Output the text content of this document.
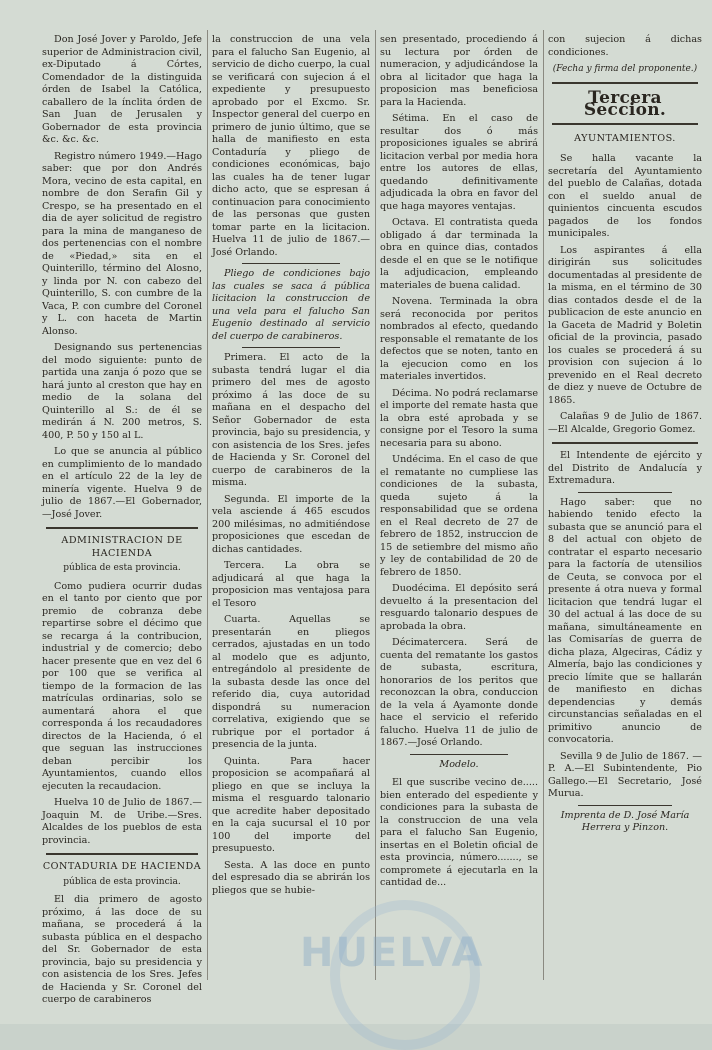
Don José Jover y Paroldo, Jefe superior de Administracion civil, ex-Diputado á Córtes, Comendador de la distinguida órden de Isabel la Católica, caballero de la ínclita órden de San Juan de Jerusalen y Gobernador de esta provincia &c. &c. &c.

Registro número 1949.—Hago saber: que por don Andrés Mora, vecino de esta capital, en nombre de don Serafin Gil y Crespo, se ha presentado en el dia de ayer solicitud de registro para la mina de manganeso de dos pertenencias con el nombre de «Piedad,» sita en el Quinterillo, término del Alosno, y linda por N. con cabezo del Quinterillo, S. con cumbre de la Vaca, P. con cumbre del Coronel y L. con haceta de Martin Alonso.

Designando sus pertenencias del modo siguiente: punto de partida una zanja ó pozo que se hará junto al creston que hay en medio de la solana del Quinterillo al S.: de él se medirán á N. 200 metros, S. 400, P. 50 y 150 al L.

Lo que se anuncia al público en cumplimiento de lo mandado en el artículo 22 de la ley de minería vigente. Huelva 9 de julio de 1867.—El Gobernador, —José Jover.

ADMINISTRACION DE HACIENDA
pública de esta provincia.

Como pudiera ocurrir dudas en el tanto por ciento que por premio de cobranza debe repartirse sobre el décimo que se recarga á la contribucion, industrial y de comercio; debo hacer presente que en vez del 6 por 100 que se verifica al tiempo de la formacion de las matrículas ordinarias, solo se aumentará ahora el que corresponda á los recaudadores directos de la Hacienda, ó el que seguan las instrucciones deban percibir los Ayuntamientos, cuando ellos ejecuten la recaudacion.

Huelva 10 de Julio de 1867.—Joaquin M. de Uribe.—Sres. Alcaldes de los pueblos de esta provincia.

CONTADURIA DE HACIENDA
pública de esta provincia.

El dia primero de agosto próximo, á las doce de su mañana, se procederá á la subasta pública en el despacho del Sr. Gobernador de esta provincia, bajo su presidencia y con asistencia de los Sres. Jefes de Hacienda y Sr. Coronel del cuerpo de carabineros

la construccion de una vela para el falucho San Eugenio, al servicio de dicho cuerpo, la cual se verificará con sujecion á el expediente y presupuesto aprobado por el Excmo. Sr. Inspector general del cuerpo en primero de junio último, que se halla de manifiesto en esta Contaduría y pliego de condiciones económicas, bajo las cuales ha de tener lugar dicho acto, que se espresan á continuacion para conocimiento de las personas que gusten tomar parte en la licitacion. Huelva 11 de julio de 1867.—José Orlando.

Pliego de condiciones bajo las cuales se saca á pública licitacion la construccion de una vela para el falucho San Eugenio destinado al servicio del cuerpo de carabineros.

Primera. El acto de la subasta tendrá lugar el dia primero del mes de agosto próximo á las doce de su mañana en el despacho del Señor Gobernador de esta provincia, bajo su presidencia, y con asistencia de los Sres. jefes de Hacienda y Sr. Coronel del cuerpo de carabineros de la misma.

Segunda. El importe de la vela asciende á 465 escudos 200 milésimas, no admitiéndose proposiciones que escedan de dichas cantidades.

Tercera. La obra se adjudicará al que haga la proposicion mas ventajosa para el Tesoro

Cuarta. Aquellas se presentarán en pliegos cerrados, ajustadas en un todo al modelo que es adjunto, entregándolo al presidente de la subasta desde las once del referido dia, cuya autoridad dispondrá su numeracion correlativa, exigiendo que se rubrique por el portador á presencia de la junta.

Quinta. Para hacer proposicion se acompañará al pliego en que se incluya la misma el resguardo talonario que acredite haber depositado en la caja sucursal el 10 por 100 del importe del presupuesto.

Sesta. A las doce en punto del espresado dia se abrirán los pliegos que se hubie-

sen presentado, procediendo á su lectura por órden de numeracion, y adjudicándose la obra al licitador que haga la proposicion mas beneficiosa para la Hacienda.

Sétima. En el caso de resultar dos ó más proposiciones iguales se abrirá licitacion verbal por media hora entre los autores de ellas, quedando definitivamente adjudicada la obra en favor del que haga mayores ventajas.

Octava. El contratista queda obligado á dar terminada la obra en quince dias, contados desde el en que se le notifique la adjudicacion, empleando materiales de buena calidad.

Novena. Terminada la obra será reconocida por peritos nombrados al efecto, quedando responsable el rematante de los defectos que se noten, tanto en la ejecucion como en los materiales invertidos.

Décima. No podrá reclamarse el importe del remate hasta que la obra esté aprobada y se consigne por el Tesoro la suma necesaria para su abono.

Undécima. En el caso de que el rematante no cumpliese las condiciones de la subasta, queda sujeto á la responsabilidad que se ordena en el Real decreto de 27 de febrero de 1852, instruccion de 15 de setiembre del mismo año y ley de contabilidad de 20 de febrero de 1850.

Duodécima. El depósito será devuelto á la presentacion del resguardo talonario despues de aprobada la obra.

Décimatercera. Será de cuenta del rematante los gastos de subasta, escritura, honorarios de los peritos que reconozcan la obra, conduccion de la vela á Ayamonte donde hace el servicio el referido falucho. Huelva 11 de julio de 1867.—José Orlando.

Modelo.

El que suscribe vecino de..... bien enterado del espediente y condiciones para la subasta de la construccion de una vela para el falucho San Eugenio, insertas en el Boletin oficial de esta provincia, número......., se compromete á ejecutarla en la cantidad de...

con sujecion á dichas condiciones.

(Fecha y firma del proponente.)
Tercera Seccion.
AYUNTAMIENTOS.

Se halla vacante la secretaría del Ayuntamiento del pueblo de Calañas, dotada con el sueldo anual de quinientos cincuenta escudos pagados de los fondos municipales.

Los aspirantes á ella dirigirán sus solicitudes documentadas al presidente de la misma, en el término de 30 dias contados desde el de la publicacion de este anuncio en la Gaceta de Madrid y Boletin oficial de la provincia, pasado los cuales se procederá á su provision con sujecion á lo prevenido en el Real decreto de diez y nueve de Octubre de 1865.

Calañas 9 de Julio de 1867.—El Alcalde, Gregorio Gomez.

El Intendente de ejército y del Distrito de Andalucía y Extremadura.

Hago saber: que no habiendo tenido efecto la subasta que se anunció para el 8 del actual con objeto de contratar el esparto necesario para la factoría de utensilios de Ceuta, se convoca por el presente á otra nueva y formal licitacion que tendrá lugar el 30 del actual á las doce de su mañana, simultáneamente en las Comisarías de guerra de dicha plaza, Algeciras, Cádiz y Almería, bajo las condiciones y precio límite que se hallarán de manifiesto en dichas dependencias y demás circunstancias señaladas en el primitivo anuncio de convocatoria.

Sevilla 9 de Julio de 1867. —P. A.—El Subintendente, Pio Gallego.—El Secretario, José Murua.

Imprenta de D. José María Herrera y Pinzon.

HUELVA
